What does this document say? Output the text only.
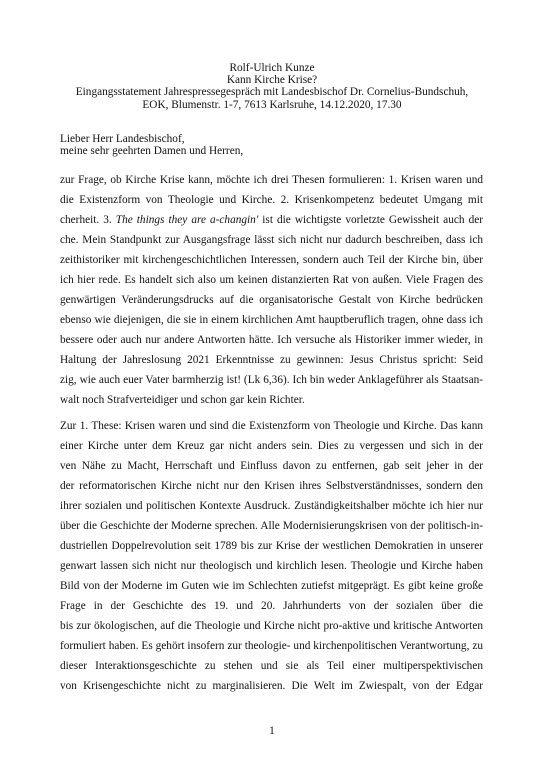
Rolf-Ulrich Kunze
Kann Kirche Krise?
Eingangsstatement Jahrespressegespräch mit Landesbischof Dr. Cornelius-Bundschuh,
EOK, Blumenstr. 1-7, 7613 Karlsruhe, 14.12.2020, 17.30
Lieber Herr Landesbischof,
meine sehr geehrten Damen und Herren,
zur Frage, ob Kirche Krise kann, möchte ich drei Thesen formulieren: 1. Krisen waren und
die Existenzform von Theologie und Kirche. 2. Krisenkompetenz bedeutet Umgang mit
cherheit. 3. The things they are a-changin' ist die wichtigste vorletzte Gewissheit auch der
che. Mein Standpunkt zur Ausgangsfrage lässt sich nicht nur dadurch beschreiben, dass ich
zeithistoriker mit kirchengeschichtlichen Interessen, sondern auch Teil der Kirche bin, über
ich hier rede. Es handelt sich also um keinen distanzierten Rat von außen. Viele Fragen des
genwärtigen Veränderungsdrucks auf die organisatorische Gestalt von Kirche bedrücken
ebenso wie diejenigen, die sie in einem kirchlichen Amt hauptberuflich tragen, ohne dass ich
bessere oder auch nur andere Antworten hätte. Ich versuche als Historiker immer wieder, in
Haltung der Jahreslosung 2021 Erkenntnisse zu gewinnen: Jesus Christus spricht: Seid
zig, wie auch euer Vater barmherzig ist! (Lk 6,36). Ich bin weder Anklageführer als Staatsan-
walt noch Strafverteidiger und schon gar kein Richter.
Zur 1. These: Krisen waren und sind die Existenzform von Theologie und Kirche. Das kann
einer Kirche unter dem Kreuz gar nicht anders sein. Dies zu vergessen und sich in der
ven Nähe zu Macht, Herrschaft und Einfluss davon zu entfernen, gab seit jeher in der
der reformatorischen Kirche nicht nur den Krisen ihres Selbstverständnisses, sondern den
ihrer sozialen und politischen Kontexte Ausdruck. Zuständigkeitshalber möchte ich hier nur
über die Geschichte der Moderne sprechen. Alle Modernisierungskrisen von der politisch-in-
dustriellen Doppelrevolution seit 1789 bis zur Krise der westlichen Demokratien in unserer
genwart lassen sich nicht nur theologisch und kirchlich lesen. Theologie und Kirche haben
Bild von der Moderne im Guten wie im Schlechten zutiefst mitgeprägt. Es gibt keine große
Frage in der Geschichte des 19. und 20. Jahrhunderts von der sozialen über die
bis zur ökologischen, auf die Theologie und Kirche nicht pro-aktive und kritische Antworten
formuliert haben. Es gehört insofern zur theologie- und kirchenpolitischen Verantwortung, zu
dieser Interaktionsgeschichte zu stehen und sie als Teil einer multiperspektivischen
von Krisengeschichte nicht zu marginalisieren. Die Welt im Zwiespalt, von der Edgar
1
